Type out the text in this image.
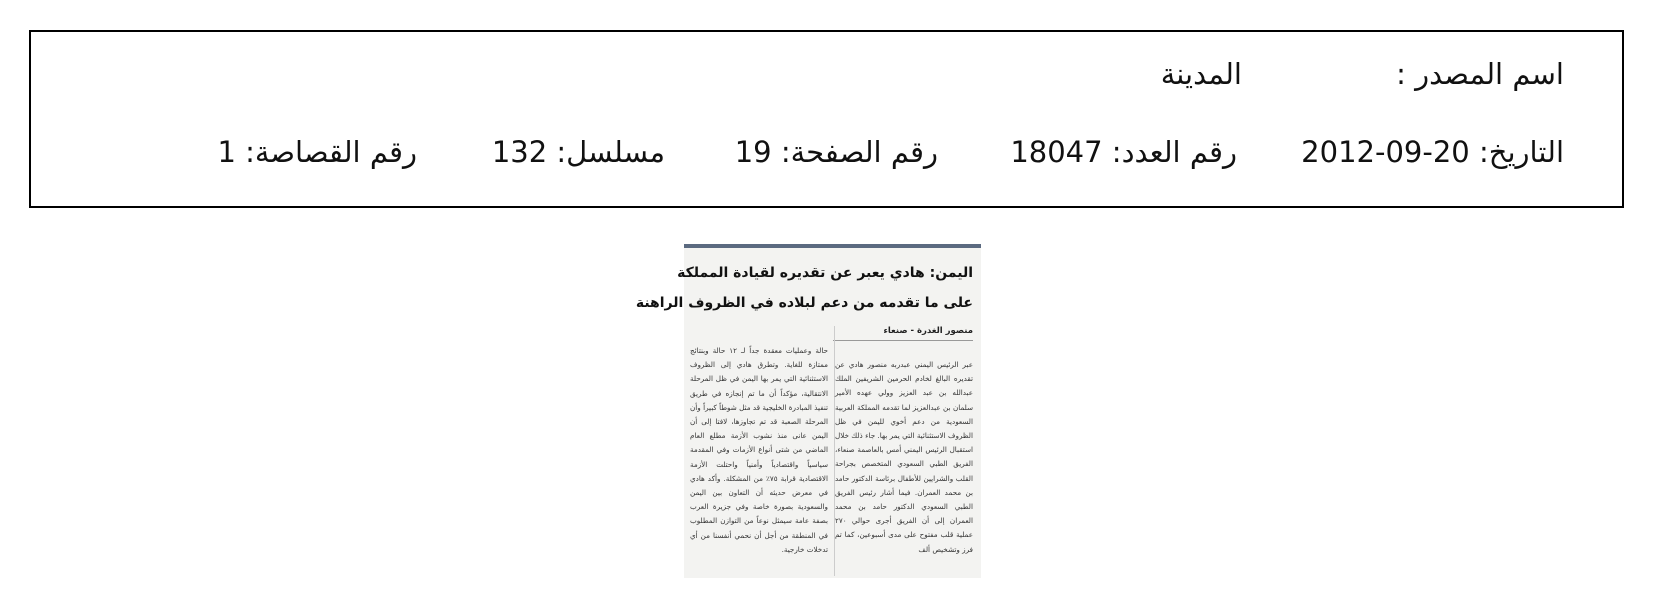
اسم المصدر :
المدينة
التاريخ: 20-09-2012
رقم العدد: 18047
رقم الصفحة: 19
مسلسل: 132
رقم القصاصة: 1
اليمن: هادي يعبر عن تقديره لقيادة المملكة
على ما تقدمه من دعم لبلاده في الظروف الراهنة
منصور الغدرة - صنعاء
عبر الرئيس اليمني عبدربه منصور هادي عن تقديره البالغ لخادم الحرمين الشريفين الملك عبدالله بن عبد العزيز وولي عهده الأمير سلمان بن عبدالعزيز لما تقدمه المملكة العربية السعودية من دعم أخوي لليمن في ظل الظروف الاستثنائية التي يمر بها. جاء ذلك خلال استقبال الرئيس اليمني أمس بالعاصمة صنعاء، الفريق الطبي السعودي المتخصص بجراحة القلب والشرايين للأطفال برئاسة الدكتور حامد بن محمد العمران. فيما أشار رئيس الفريق الطبي السعودي الدكتور حامد بن محمد العمران إلى أن الفريق أجرى حوالي ٢٧٠ عملية قلب مفتوح على مدى أسبوعين، كما تم فرز وتشخيص ألف
حالة وعمليات معقدة جداً لـ ١٢ حالة وبنتائج ممتازة للغاية. وتطرق هادي إلى الظروف الاستثنائية التي يمر بها اليمن في ظل المرحلة الانتقالية، مؤكداً أن ما تم إنجازه في طريق تنفيذ المبادرة الخليجية قد مثل شوطاً كبيراً وأن المرحلة الصعبة قد تم تجاوزها، لافتا إلى أن اليمن عانى منذ نشوب الأزمة مطلع العام الماضي من شتى أنواع الأزمات وفي المقدمة سياسياً واقتصادياً وأمنياً واحتلت الأزمة الاقتصادية قرابة ٧٥٪ من المشكلة. وأكد هادي في معرض حديثه أن التعاون بين اليمن والسعودية بصورة خاصة وفي جزيرة العرب بصفة عامة سيمثل نوعاً من التوازن المطلوب في المنطقة من أجل أن نحمي أنفسنا من أي تدخلات خارجية.
